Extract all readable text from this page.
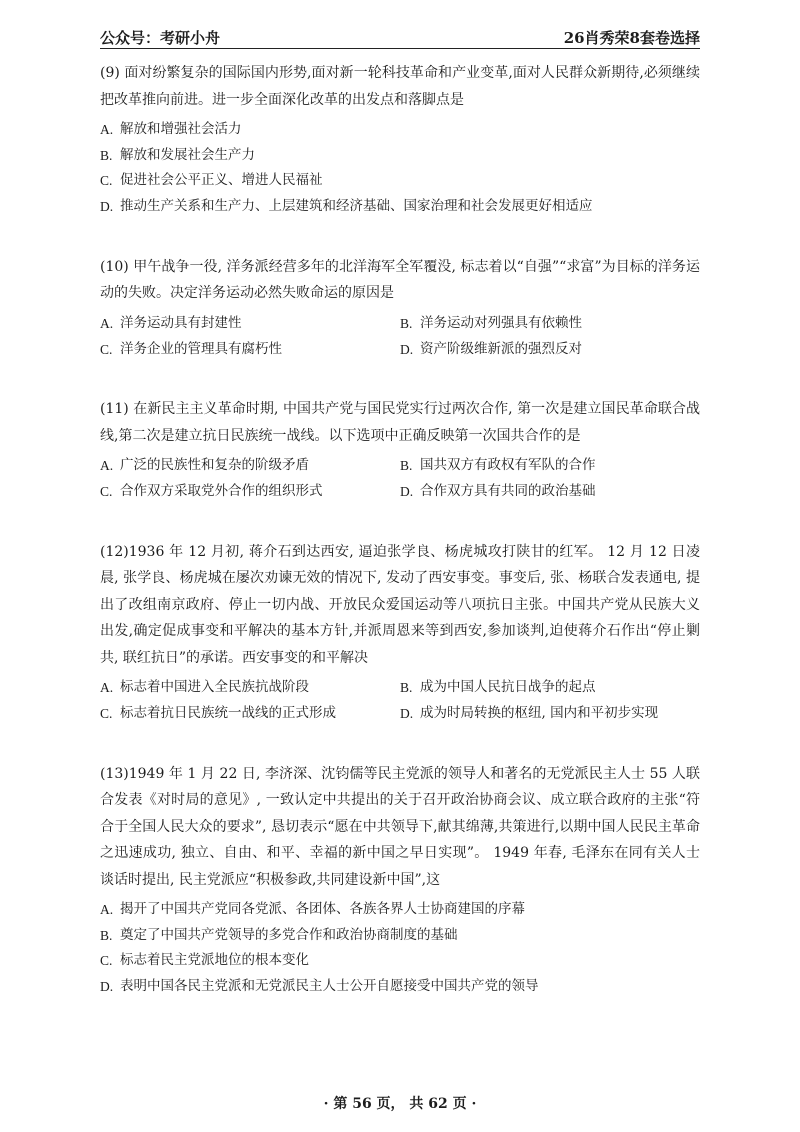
公众号：考研小舟	26肖秀荣8套卷选择

(9) 面对纷繁复杂的国际国内形势,面对新一轮科技革命和产业变革,面对人民群众新期待,必须继续把改革推向前进。进一步全面深化改革的出发点和落脚点是

A. 解放和增强社会活力
B. 解放和发展社会生产力
C. 促进社会公平正义、增进人民福祉
D. 推动生产关系和生产力、上层建筑和经济基础、国家治理和社会发展更好相适应

(10) 甲午战争一役, 洋务派经营多年的北洋海军全军覆没, 标志着以“自强”“求富”为目标的洋务运动的失败。决定洋务运动必然失败命运的原因是

A. 洋务运动具有封建性	B. 洋务运动对列强具有依赖性
C. 洋务企业的管理具有腐朽性	D. 资产阶级维新派的强烈反对

(11) 在新民主主义革命时期, 中国共产党与国民党实行过两次合作, 第一次是建立国民革命联合战线,第二次是建立抗日民族统一战线。以下选项中正确反映第一次国共合作的是

A. 广泛的民族性和复杂的阶级矛盾	B. 国共双方有政权有军队的合作
C. 合作双方采取党外合作的组织形式	D. 合作双方具有共同的政治基础

(12)1936 年 12 月初, 蒋介石到达西安, 逼迫张学良、杨虎城攻打陕甘的红军。 12 月 12 日凌晨, 张学良、杨虎城在屡次劝谏无效的情况下, 发动了西安事变。事变后, 张、杨联合发表通电, 提出了改组南京政府、停止一切内战、开放民众爱国运动等八项抗日主张。中国共产党从民族大义出发,确定促成事变和平解决的基本方针,并派周恩来等到西安,参加谈判,迫使蒋介石作出“停止剿共, 联红抗日”的承诺。西安事变的和平解决

A. 标志着中国进入全民族抗战阶段	B. 成为中国人民抗日战争的起点
C. 标志着抗日民族统一战线的正式形成	D. 成为时局转换的枢纽, 国内和平初步实现

(13)1949 年 1 月 22 日, 李济深、沈钧儒等民主党派的领导人和著名的无党派民主人士 55 人联合发表《对时局的意见》, 一致认定中共提出的关于召开政治协商会议、成立联合政府的主张“符合于全国人民大众的要求”, 恳切表示“愿在中共领导下,献其绵薄,共策进行,以期中国人民民主革命之迅速成功, 独立、自由、和平、幸福的新中国之早日实现”。 1949 年春, 毛泽东在同有关人士谈话时提出, 民主党派应“积极参政,共同建设新中国”,这

A. 揭开了中国共产党同各党派、各团体、各族各界人士协商建国的序幕
B. 奠定了中国共产党领导的多党合作和政治协商制度的基础
C. 标志着民主党派地位的根本变化
D. 表明中国各民主党派和无党派民主人士公开自愿接受中国共产党的领导
· 第 56 页， 共 62 页 ·
